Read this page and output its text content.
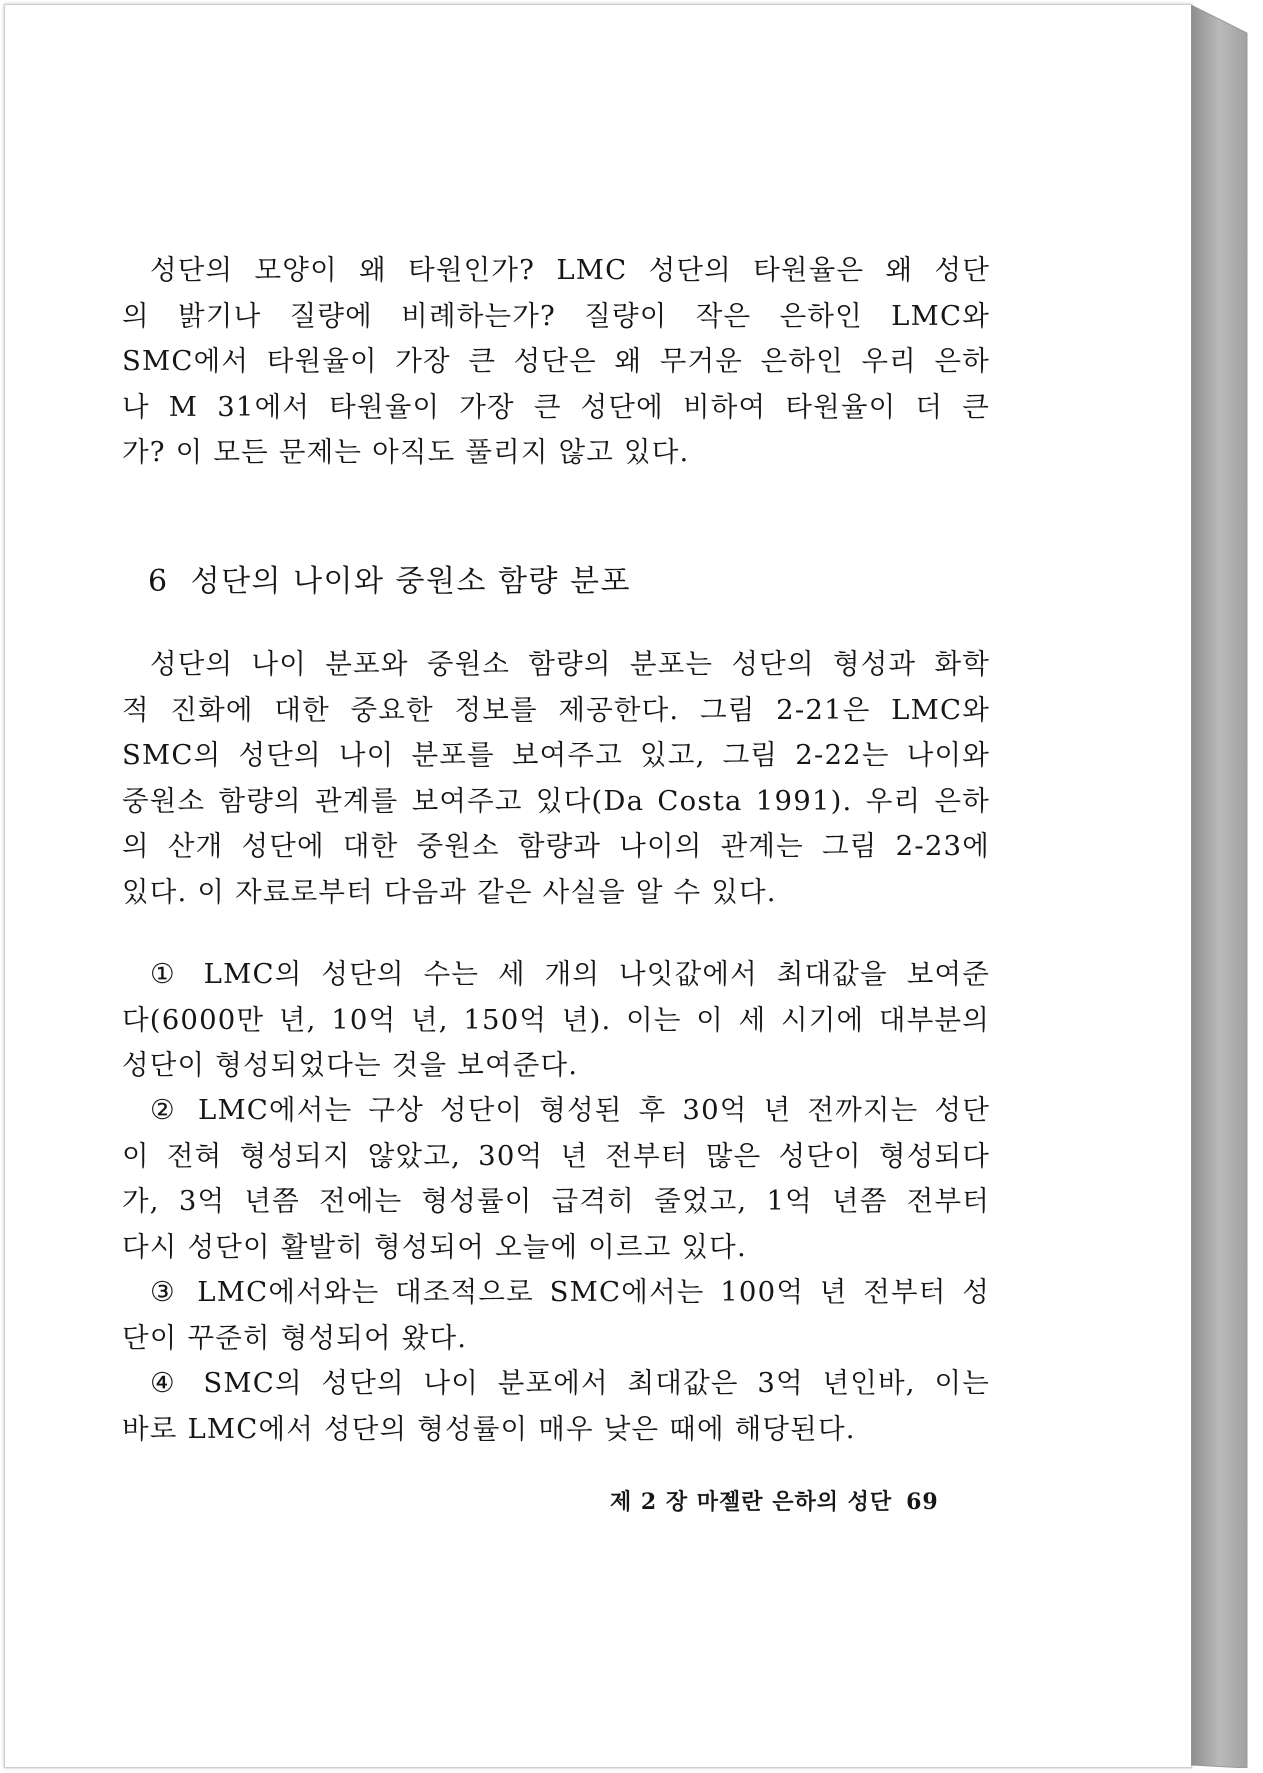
성단의 모양이 왜 타원인가? LMC 성단의 타원율은 왜 성단
의 밝기나 질량에 비례하는가? 질량이 작은 은하인 LMC와
SMC에서 타원율이 가장 큰 성단은 왜 무거운 은하인 우리 은하
나 M 31에서 타원율이 가장 큰 성단에 비하여 타원율이 더 큰
가? 이 모든 문제는 아직도 풀리지 않고 있다.

6 성단의 나이와 중원소 함량 분포

성단의 나이 분포와 중원소 함량의 분포는 성단의 형성과 화학
적 진화에 대한 중요한 정보를 제공한다. 그림 2-21은 LMC와
SMC의 성단의 나이 분포를 보여주고 있고, 그림 2-22는 나이와
중원소 함량의 관계를 보여주고 있다(Da Costa 1991). 우리 은하
의 산개 성단에 대한 중원소 함량과 나이의 관계는 그림 2-23에
있다. 이 자료로부터 다음과 같은 사실을 알 수 있다.

① LMC의 성단의 수는 세 개의 나잇값에서 최대값을 보여준
다(6000만 년, 10억 년, 150억 년). 이는 이 세 시기에 대부분의
성단이 형성되었다는 것을 보여준다.

② LMC에서는 구상 성단이 형성된 후 30억 년 전까지는 성단
이 전혀 형성되지 않았고, 30억 년 전부터 많은 성단이 형성되다
가, 3억 년쯤 전에는 형성률이 급격히 줄었고, 1억 년쯤 전부터
다시 성단이 활발히 형성되어 오늘에 이르고 있다.

③ LMC에서와는 대조적으로 SMC에서는 100억 년 전부터 성
단이 꾸준히 형성되어 왔다.

④ SMC의 성단의 나이 분포에서 최대값은 3억 년인바, 이는
바로 LMC에서 성단의 형성률이 매우 낮은 때에 해당된다.

제 2 장 마젤란 은하의 성단 69
